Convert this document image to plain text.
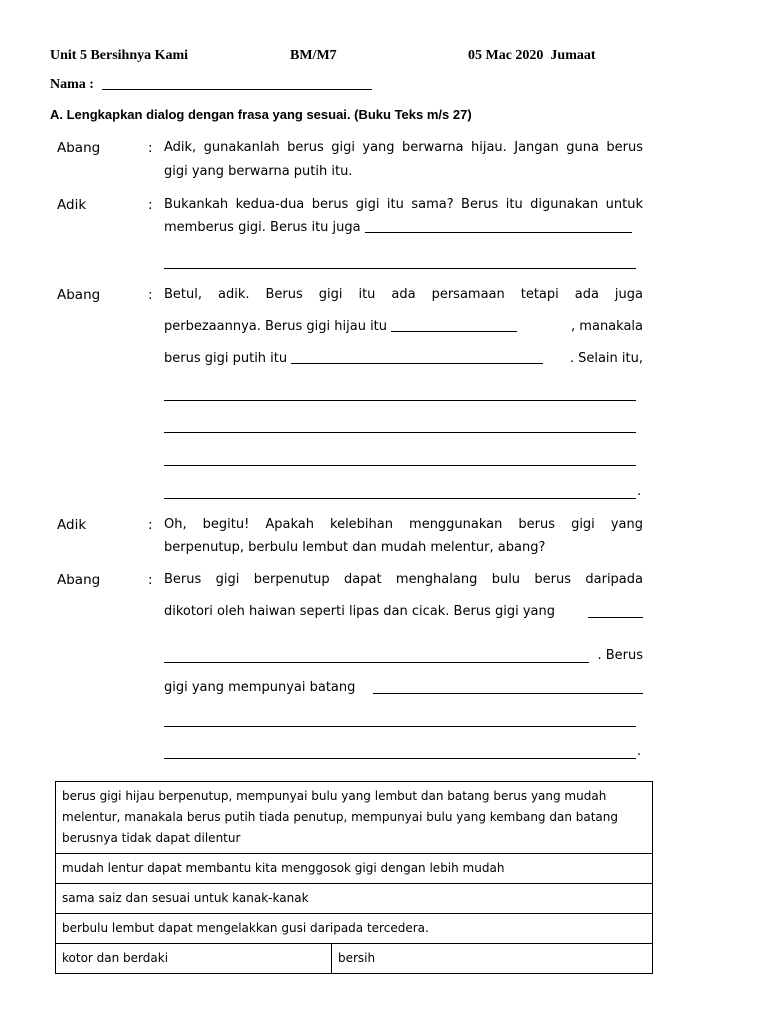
Unit 5 Bersihnya Kami	BM/M7	05 Mac 2020  Jumaat
Nama :
A. Lengkapkan dialog dengan frasa yang sesuai. (Buku Teks m/s 27)
Abang	: Adik, gunakanlah berus gigi yang berwarna hijau. Jangan guna berus
gigi yang berwarna putih itu.
Adik	: Bukankah kedua-dua berus gigi itu sama? Berus itu digunakan untuk
memberus gigi. Berus itu juga
Abang	: Betul, adik. Berus gigi itu ada persamaan tetapi ada juga
perbezaannya. Berus gigi hijau itu	, manakala
berus gigi putih itu	. Selain itu,
.
Adik	: Oh, begitu! Apakah kelebihan menggunakan berus gigi yang
berpenutup, berbulu lembut dan mudah melentur, abang?
Abang	: Berus gigi berpenutup dapat menghalang bulu berus daripada
dikotori oleh haiwan seperti lipas dan cicak. Berus gigi yang
. Berus
gigi yang mempunyai batang
.
berus gigi hijau berpenutup, mempunyai bulu yang lembut dan batang berus yang mudah melentur, manakala berus putih tiada penutup, mempunyai bulu yang kembang dan batang berusnya tidak dapat dilentur
mudah lentur dapat membantu kita menggosok gigi dengan lebih mudah
sama saiz dan sesuai untuk kanak-kanak
berbulu lembut dapat mengelakkan gusi daripada tercedera.
kotor dan berdaki	bersih
